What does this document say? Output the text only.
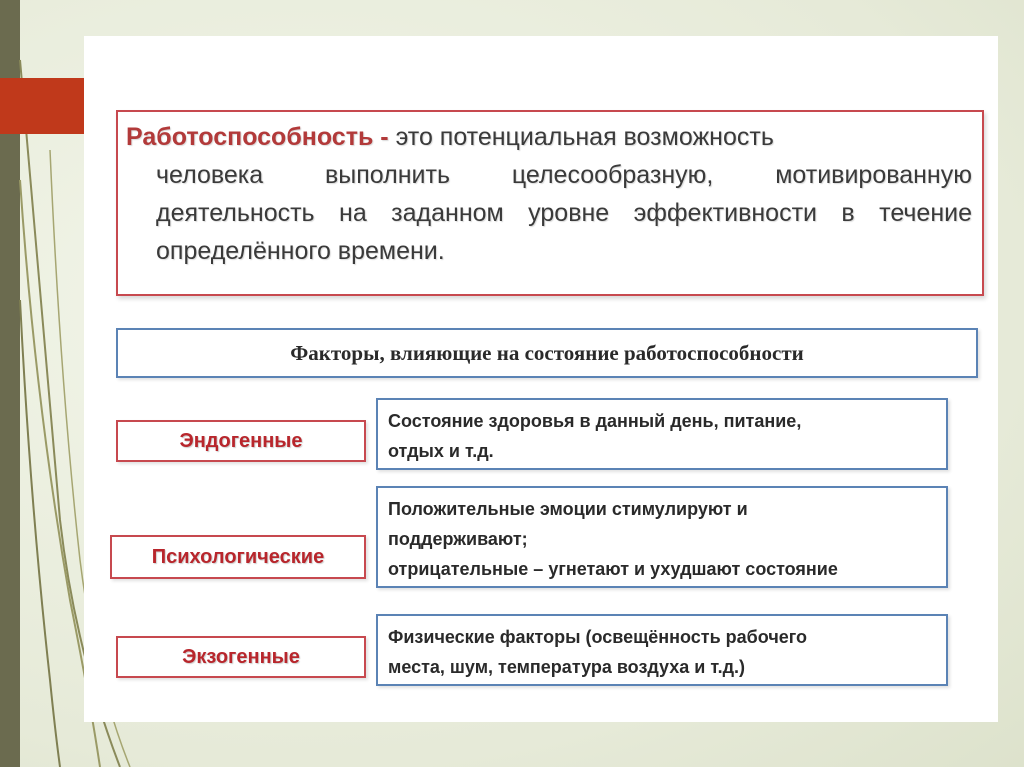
Работоспособность - это потенциальная возможность
человека выполнить целесообразную, мотивированную деятельность на заданном уровне эффективности в течение определённого времени.
Факторы, влияющие на состояние работоспособности
Эндогенные
Состояние здоровья в данный день, питание,
отдых и т.д.
Психологические
Положительные эмоции стимулируют и
поддерживают;
отрицательные – угнетают и ухудшают состояние
Экзогенные
Физические факторы (освещённость рабочего
места, шум, температура воздуха и т.д.)
